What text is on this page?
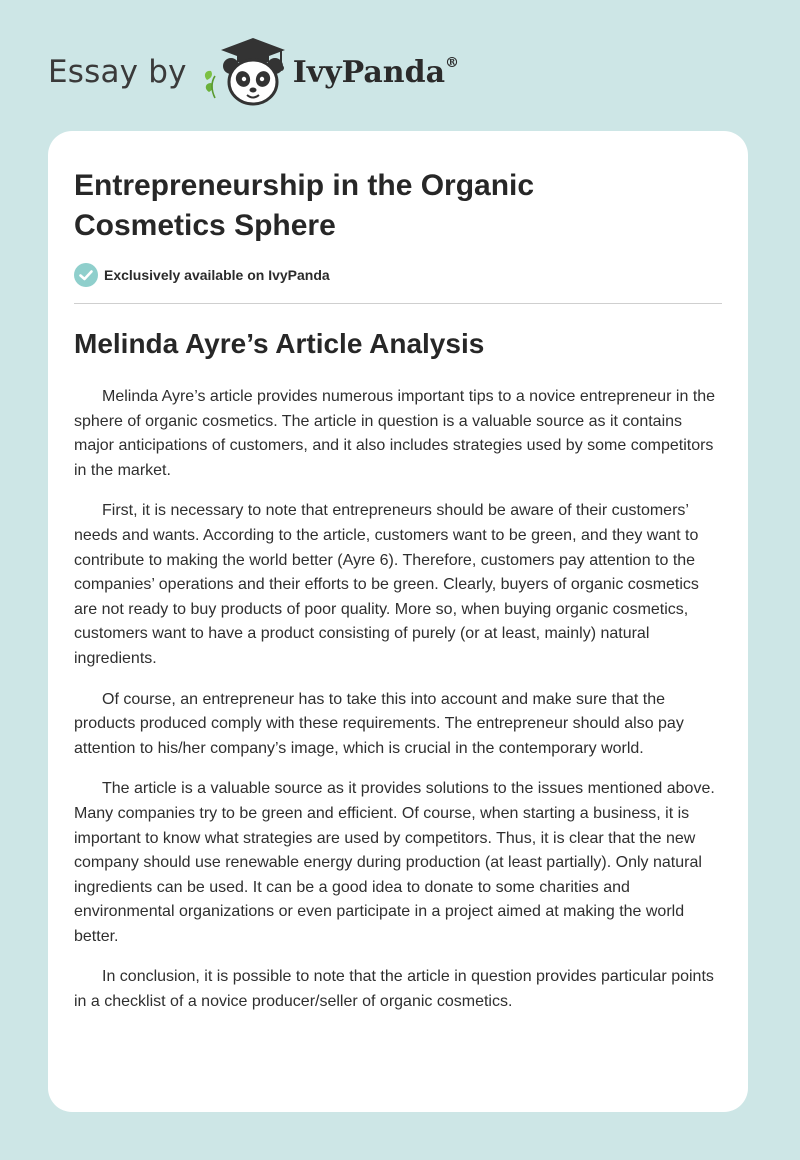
Essay by	IvyPanda®
Entrepreneurship in the Organic Cosmetics Sphere
Exclusively available on IvyPanda
Melinda Ayre’s Article Analysis

Melinda Ayre’s article provides numerous important tips to a novice entrepreneur in the sphere of organic cosmetics. The article in question is a valuable source as it contains major anticipations of customers, and it also includes strategies used by some competitors in the market.

First, it is necessary to note that entrepreneurs should be aware of their customers’ needs and wants. According to the article, customers want to be green, and they want to contribute to making the world better (Ayre 6). Therefore, customers pay attention to the companies’ operations and their efforts to be green. Clearly, buyers of organic cosmetics are not ready to buy products of poor quality. More so, when buying organic cosmetics, customers want to have a product consisting of purely (or at least, mainly) natural ingredients.

Of course, an entrepreneur has to take this into account and make sure that the products produced comply with these requirements. The entrepreneur should also pay attention to his/her company’s image, which is crucial in the contemporary world.

The article is a valuable source as it provides solutions to the issues mentioned above. Many companies try to be green and efficient. Of course, when starting a business, it is important to know what strategies are used by competitors. Thus, it is clear that the new company should use renewable energy during production (at least partially). Only natural ingredients can be used. It can be a good idea to donate to some charities and environmental organizations or even participate in a project aimed at making the world better.

In conclusion, it is possible to note that the article in question provides particular points in a checklist of a novice producer/seller of organic cosmetics.
